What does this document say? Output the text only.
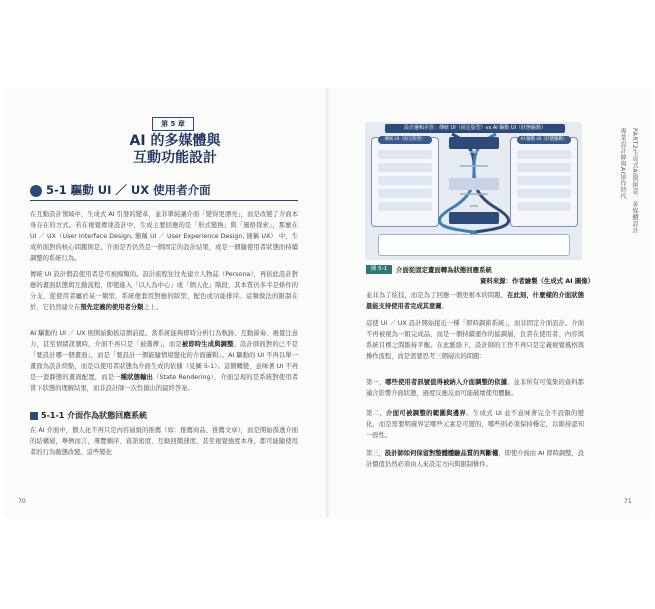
第 5 章
AI 的多媒體與
互動功能設計
5-1 驅動 UI ／ UX 使用者介面
在互動設計領域中，生成式 AI 引發的變革，並非單純讓介面「變得更漂亮」，而是改變了介面本身存在的方式。若在視覺傳達設計中，生成主要回應的是「形式變換」與「風格探索」，那麼在 UI ／ UX（User Interface Design, 簡稱 UI ／ User Experience Design, 簡稱 UX） 中，生成所面對的核心問題則是，介面是否仍然是一個固定的設計結果，或是一個隨使用者狀態而持續調整的系統行為。
傳統 UI 設計假設使用者是可被歸類的。設計流程往往先建立人物誌（Persona），再依此設計對應的畫面狀態與互動流程，即使進入「以人為中心」或「個人化」階段，其本質仍多半是條件的分支，從使用者屬於某一類型，系統便套用對應的版型、配色或功能排序。這類做法的限制在於，它仍然建立在預先定義的使用者分類之上。
AI 驅動的 UI ／ UX 則開始動搖這個前提。當系統能夠即時分析行為軌跡、互動節奏、視覺注意力，甚至情緒訊號時，介面不再只是「被選擇」，而是被即時生成與調整。設計師面對的已不是「要設計哪一個畫面」，而是「要設計一個能隨情境變化的介面邏輯」。AI 驅動的 UI 不再以單一畫面為設計終點，而是以使用者狀態為介面生成的依據（見圖 5-1）。這個轉變，意味著 UI 不再是一套靜態的畫面配置，而是一種狀態輸出（State Rendering），介面呈現的是系統對使用者當下狀態的理解結果，而非設計師一次性做出的最終答案。
5-1-1 介面作為狀態回應系統
在 AI 介面中，個人化不再只是內容層級的推薦（如：推薦商品、推薦文章），而是開始滲透介面的結構層，舉例而言，導覽順序、資訊密度、互動回饋速度，甚至視覺強度本身，都可能隨使用者的行為動態改變。這些變化
70
設計邏輯差異：傳統 UI（固定版型）vs AI 驅動 UI（狀態驅動）
傳統 UI（固定版型）	AI 驅動 UI（狀態驅動）
圖 5-1	介面從固定畫面轉為狀態回應系統
資料來源：作者繪製（生成式 AI 圖像）
並非為了炫技，而是為了回應一個更根本的問題，在此刻，什麼樣的介面狀態最能支持使用者完成其意圖。
這使 UI ／ UX 設計開始接近一種「即時調節系統」，而非固定介面設計。介面不再被視為一組完成品，而是一個持續運作的協調層，負責在使用者、內容與系統目標之間維持平衡。在此脈絡下，設計師的工作不再只是定義視覺風格與操作流程，而是需要思考三個層次的問題：
第一，哪些使用者訊號值得被納入介面調整的依據。並非所有可蒐集的資料都適合影響介面狀態，過度反應反而可能破壞使用體驗。
第二，介面可被調整的範圍與邊界。生成式 UI 並不意味著完全不設限的變化，而是需要明確界定哪些元素是可變的，哪些則必須保持穩定，以維持認知一致性。
第三，設計師如何保留對整體體驗品質的判斷權，即使介面由 AI 即時調整，設計價值仍然必須由人來設定方向與限制條件。
71
專業設計師與AI協作時代 PART2生成式AI與創意、多媒體設計
